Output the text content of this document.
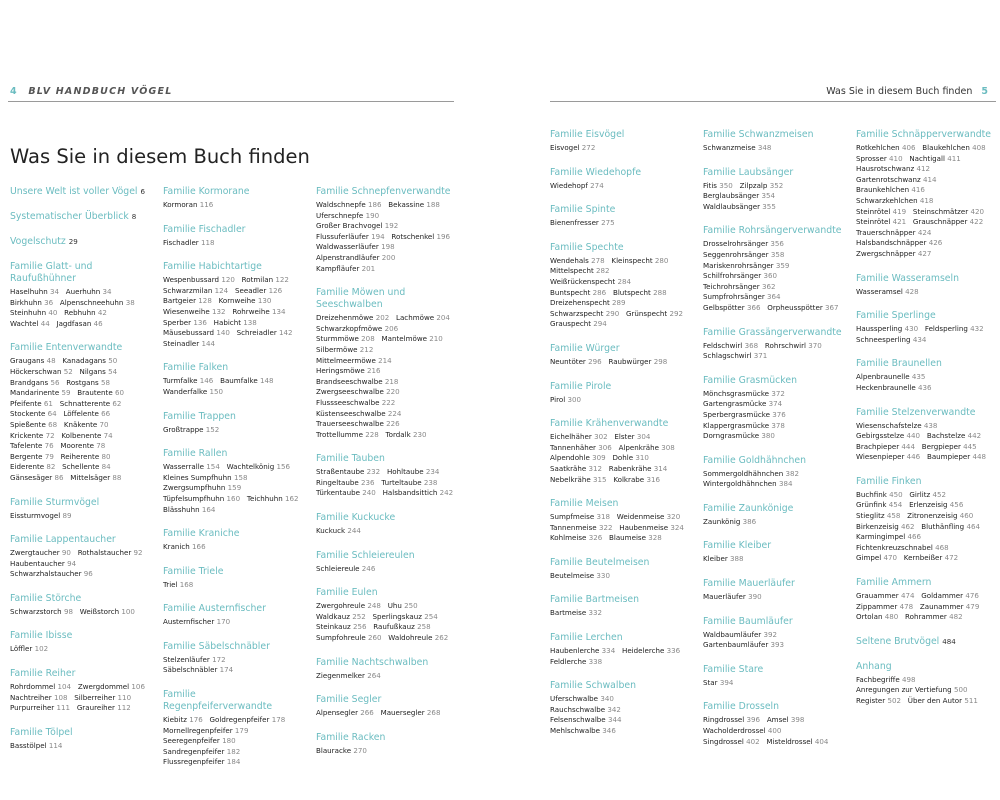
4 BLV HANDBUCH VÖGEL
Was Sie in diesem Buch finden
Was Sie in diesem Buch finden 5
Unsere Welt ist voller Vögel 6
Systematischer Überblick 8
Vogelschutz 29
Familie Glatt- und Raufußhühner
Haselhuhn 34 Auerhuhn 34   Birkhuhn 36 Alpenschneehuhn 38   Steinhuhn 40 Rebhuhn 42   Wachtel 44 Jagdfasan 46
Familie Entenverwandte
Graugans 48 Kanadagans 50   Höckerschwan 52 Nilgans 54   Brandgans 56 Rostgans 58   Mandarinente 59 Brautente 60   Pfeifente 61 Schnatterente 62   Stockente 64 Löffelente 66   Spießente 68 Knäkente 70   Krickente 72 Kolbenente 74   Tafelente 76 Moorente 78   Bergente 79 Reiherente 80   Eiderente 82 Schellente 84   Gänsesäger 86 Mittelsäger 88
Familie Sturmvögel
Eissturmvogel 89
Familie Lappentaucher
Zwergtaucher 90 Rothalstaucher 92   Haubentaucher 94   Schwarzhalstaucher 96
Familie Störche
Schwarzstorch 98 Weißstorch 100
Familie Ibisse
Löffler 102
Familie Reiher
Rohrdommel 104 Zwergdommel 106   Nachtreiher 108 Silberreiher 110   Purpurreiher 111 Graureiher 112
Familie Tölpel
Basstölpel 114
Familie Kormorane
Kormoran 116
Familie Fischadler
Fischadler 118
Familie Habichtartige
Wespenbussard 120 Rotmilan 122   Schwarzmilan 124 Seeadler 126   Bartgeier 128 Kornweihe 130   Wiesenweihe 132 Rohrweihe 134   Sperber 136 Habicht 138   Mäusebussard 140 Schreiadler 142   Steinadler 144
Familie Falken
Turmfalke 146 Baumfalke 148   Wanderfalke 150
Familie Trappen
Großtrappe 152
Familie Rallen
Wasserralle 154 Wachtelkönig 156   Kleines Sumpfhuhn 158   Zwergsumpfhuhn 159   Tüpfelsumpfhuhn 160 Teichhuhn 162   Blässhuhn 164
Familie Kraniche
Kranich 166
Familie Triele
Triel 168
Familie Austernfischer
Austernfischer 170
Familie Säbelschnäbler
Stelzenläufer 172   Säbelschnäbler 174
Familie Regenpfeiferverwandte
Kiebitz 176 Goldregenpfeifer 178   Mornellregenpfeifer 179   Seeregenpfeifer 180   Sandregenpfeifer 182   Flussregenpfeifer 184
Familie Schnepfenverwandte
Waldschnepfe 186 Bekassine 188   Uferschnepfe 190   Großer Brachvogel 192   Flussuferläufer 194 Rotschenkel 196   Waldwasserläufer 198   Alpenstrandläufer 200   Kampfläufer 201
Familie Möwen und Seeschwalben
Dreizehenmöwe 202 Lachmöwe 204   Schwarzkopfmöwe 206   Sturmmöwe 208 Mantelmöwe 210   Silbermöwe 212   Mittelmeermöwe 214   Heringsmöwe 216   Brandseeschwalbe 218   Zwergseeschwalbe 220   Flussseeschwalbe 222   Küstenseeschwalbe 224   Trauerseeschwalbe 226   Trottellumme 228 Tordalk 230
Familie Tauben
Straßentaube 232 Hohltaube 234   Ringeltaube 236 Turteltaube 238   Türkentaube 240 Halsbandsittich 242
Familie Kuckucke
Kuckuck 244
Familie Schleiereulen
Schleiereule 246
Familie Eulen
Zwergohreule 248 Uhu 250   Waldkauz 252 Sperlingskauz 254   Steinkauz 256 Raufußkauz 258   Sumpfohreule 260 Waldohreule 262
Familie Nachtschwalben
Ziegenmelker 264
Familie Segler
Alpensegler 266 Mauersegler 268
Familie Racken
Blauracke 270
Familie Eisvögel
Eisvogel 272
Familie Wiedehopfe
Wiedehopf 274
Familie Spinte
Bienenfresser 275
Familie Spechte
Wendehals 278 Kleinspecht 280   Mittelspecht 282   Weißrückenspecht 284   Buntspecht 286 Blutspecht 288   Dreizehenspecht 289   Schwarzspecht 290 Grünspecht 292   Grauspecht 294
Familie Würger
Neuntöter 296 Raubwürger 298
Familie Pirole
Pirol 300
Familie Krähenverwandte
Eichelhäher 302 Elster 304   Tannenhäher 306 Alpenkrähe 308   Alpendohle 309 Dohle 310   Saatkrähe 312 Rabenkrähe 314   Nebelkrähe 315 Kolkrabe 316
Familie Meisen
Sumpfmeise 318 Weidenmeise 320   Tannenmeise 322 Haubenmeise 324   Kohlmeise 326 Blaumeise 328
Familie Beutelmeisen
Beutelmeise 330
Familie Bartmeisen
Bartmeise 332
Familie Lerchen
Haubenlerche 334 Heidelerche 336   Feldlerche 338
Familie Schwalben
Uferschwalbe 340   Rauchschwalbe 342   Felsenschwalbe 344   Mehlschwalbe 346
Familie Schwanzmeisen
Schwanzmeise 348
Familie Laubsänger
Fitis 350 Zilpzalp 352   Berglaubsänger 354   Waldlaubsänger 355
Familie Rohrsängerverwandte
Drosselrohrsänger 356   Seggenrohrsänger 358   Mariskenrohrsänger 359   Schilfrohrsänger 360   Teichrohrsänger 362   Sumpfrohrsänger 364   Gelbspötter 366 Orpheusspötter 367
Familie Grassängerverwandte
Feldschwirl 368 Rohrschwirl 370   Schlagschwirl 371
Familie Grasmücken
Mönchsgrasmücke 372   Gartengrasmücke 374   Sperbergrasmücke 376   Klappergrasmücke 378   Dorngrasmücke 380
Familie Goldhähnchen
Sommergoldhähnchen 382   Wintergoldhähnchen 384
Familie Zaunkönige
Zaunkönig 386
Familie Kleiber
Kleiber 388
Familie Mauerläufer
Mauerläufer 390
Familie Baumläufer
Waldbaumläufer 392   Gartenbaumläufer 393
Familie Stare
Star 394
Familie Drosseln
Ringdrossel 396 Amsel 398   Wacholderdrossel 400   Singdrossel 402 Misteldrossel 404
Familie Schnäpperverwandte
Rotkehlchen 406 Blaukehlchen 408   Sprosser 410 Nachtigall 411   Hausrotschwanz 412   Gartenrotschwanz 414   Braunkehlchen 416   Schwarzkehlchen 418   Steinrötel 419 Steinschmätzer 420   Steinrötel 421 Grauschnäpper 422   Trauerschnäpper 424   Halsbandschnäpper 426   Zwergschnäpper 427
Familie Wasseramseln
Wasseramsel 428
Familie Sperlinge
Haussperling 430 Feldsperling 432   Schneesperling 434
Familie Braunellen
Alpenbraunelle 435   Heckenbraunelle 436
Familie Stelzenverwandte
Wiesenschafstelze 438   Gebirgsstelze 440 Bachstelze 442   Brachpieper 444 Bergpieper 445   Wiesenpieper 446 Baumpieper 448
Familie Finken
Buchfink 450 Girlitz 452   Grünfink 454 Erlenzeisig 456   Stieglitz 458 Zitronenzeisig 460   Birkenzeisig 462 Bluthänfling 464   Karmingimpel 466   Fichtenkreuzschnabel 468   Gimpel 470 Kernbeißer 472
Familie Ammern
Grauammer 474 Goldammer 476   Zippammer 478 Zaunammer 479   Ortolan 480 Rohrammer 482
Seltene Brutvögel 484
Anhang
Fachbegriffe 498   Anregungen zur Vertiefung 500   Register 502 Über den Autor 511
